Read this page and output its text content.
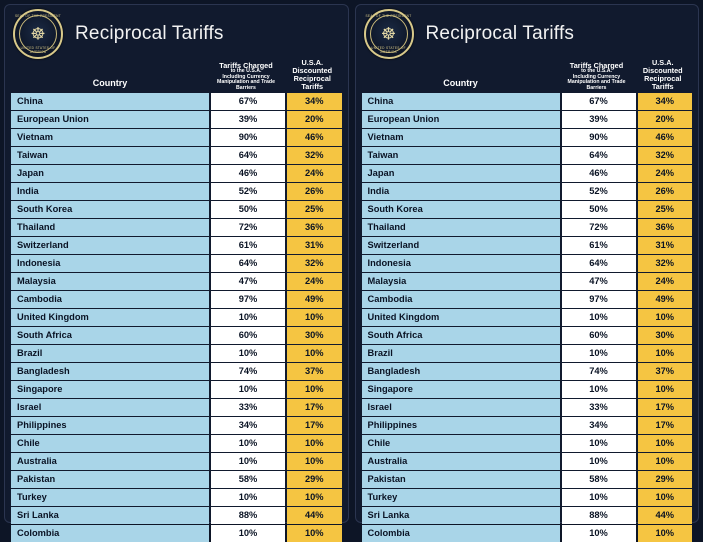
SEAL OF THE PRESIDENT
☸
UNITED STATES OF AMERICA
Reciprocal Tariffs
Country
Tariffs Charged
to the U.S.A.
Including Currency Manipulation and Trade Barriers
U.S.A. Discounted
Reciprocal Tariffs
China	67%	34%
European Union	39%	20%
Vietnam	90%	46%
Taiwan	64%	32%
Japan	46%	24%
India	52%	26%
South Korea	50%	25%
Thailand	72%	36%
Switzerland	61%	31%
Indonesia	64%	32%
Malaysia	47%	24%
Cambodia	97%	49%
United Kingdom	10%	10%
South Africa	60%	30%
Brazil	10%	10%
Bangladesh	74%	37%
Singapore	10%	10%
Israel	33%	17%
Philippines	34%	17%
Chile	10%	10%
Australia	10%	10%
Pakistan	58%	29%
Turkey	10%	10%
Sri Lanka	88%	44%
Colombia	10%	10%
SEAL OF THE PRESIDENT
☸
UNITED STATES OF AMERICA
Reciprocal Tariffs
Country
Tariffs Charged
to the U.S.A.
Including Currency Manipulation and Trade Barriers
U.S.A. Discounted
Reciprocal Tariffs
China	67%	34%
European Union	39%	20%
Vietnam	90%	46%
Taiwan	64%	32%
Japan	46%	24%
India	52%	26%
South Korea	50%	25%
Thailand	72%	36%
Switzerland	61%	31%
Indonesia	64%	32%
Malaysia	47%	24%
Cambodia	97%	49%
United Kingdom	10%	10%
South Africa	60%	30%
Brazil	10%	10%
Bangladesh	74%	37%
Singapore	10%	10%
Israel	33%	17%
Philippines	34%	17%
Chile	10%	10%
Australia	10%	10%
Pakistan	58%	29%
Turkey	10%	10%
Sri Lanka	88%	44%
Colombia	10%	10%
